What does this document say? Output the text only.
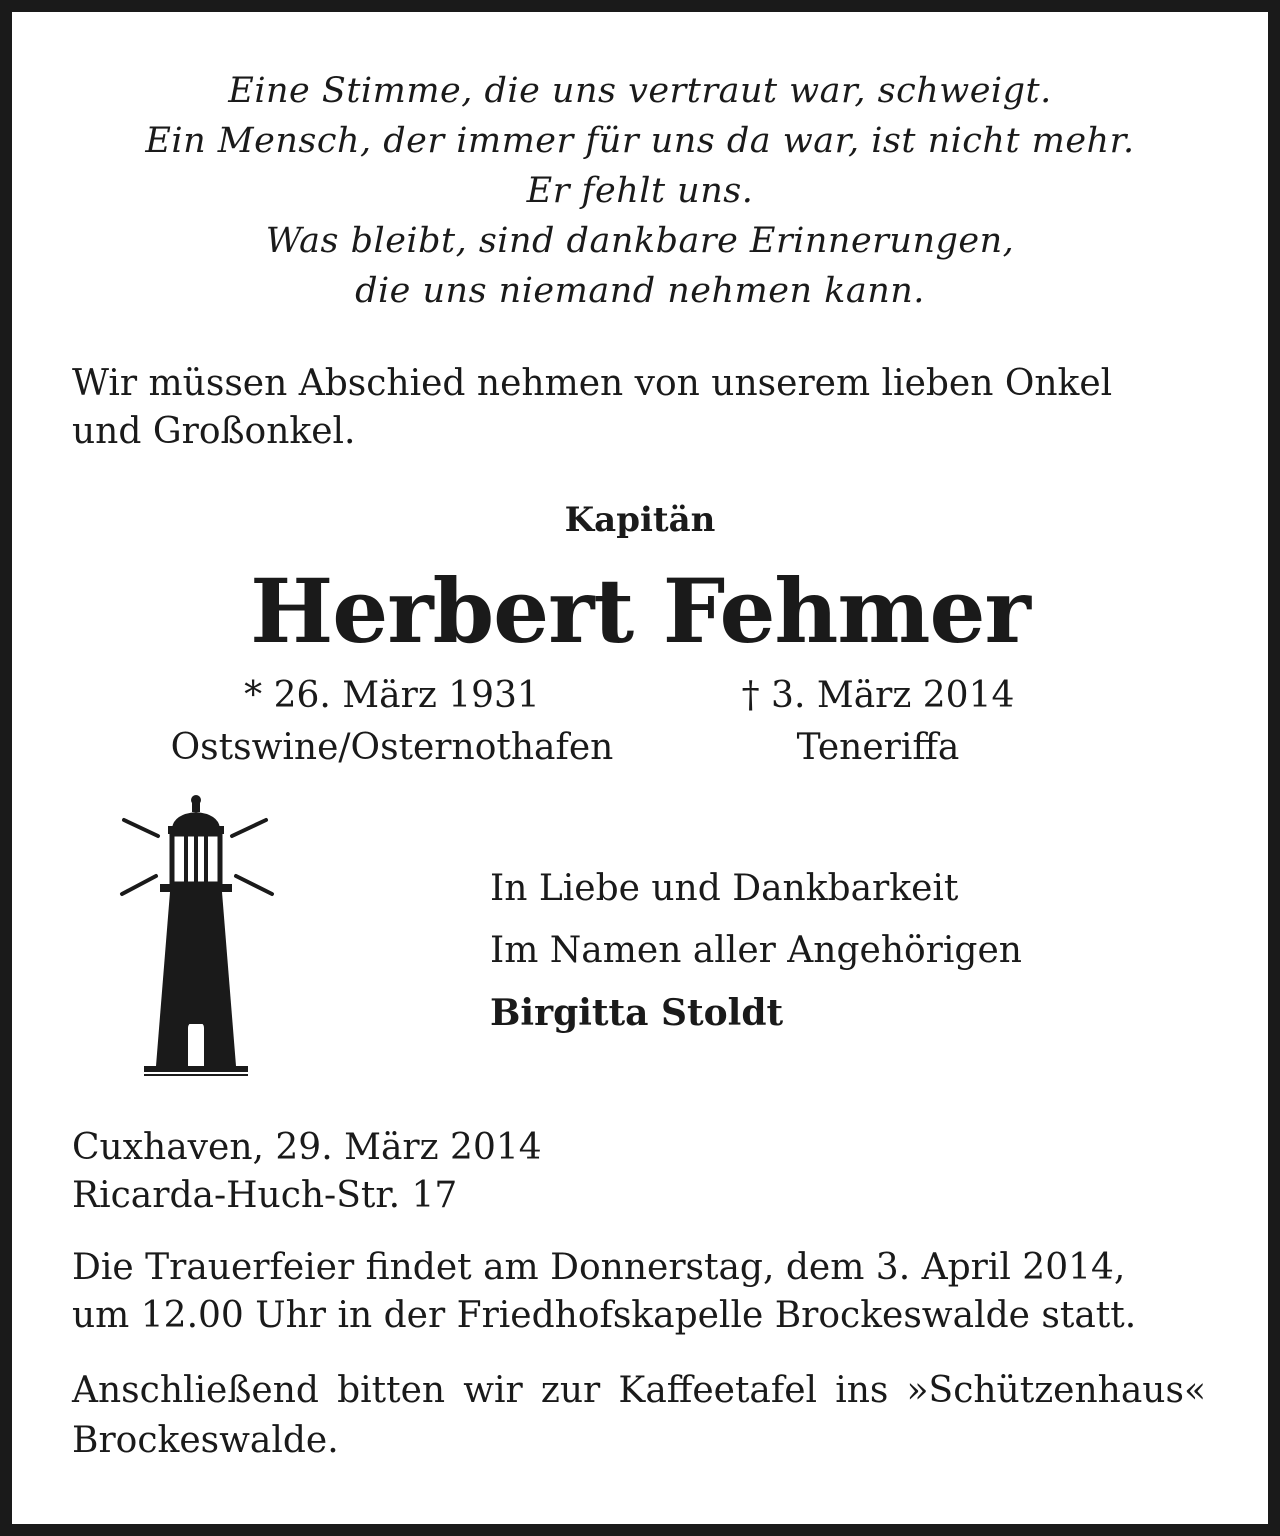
Eine Stimme, die uns vertraut war, schweigt.
Ein Mensch, der immer für uns da war, ist nicht mehr.
Er fehlt uns.
Was bleibt, sind dankbare Erinnerungen,
die uns niemand nehmen kann.
Wir müssen Abschied nehmen von unserem lieben Onkel
und Großonkel.
Kapitän
Herbert Fehmer
* 26. März 1931
Ostswine/Osternothafen
† 3. März 2014
Teneriffa
In Liebe und Dankbarkeit
Im Namen aller Angehörigen
Birgitta Stoldt
Cuxhaven, 29. März 2014
Ricarda-Huch-Str. 17
Die Trauerfeier findet am Donnerstag, dem 3. April 2014,
um 12.00 Uhr in der Friedhofskapelle Brockeswalde statt.
Anschließend bitten wir zur Kaffeetafel ins »Schützenhaus« Brockeswalde.
